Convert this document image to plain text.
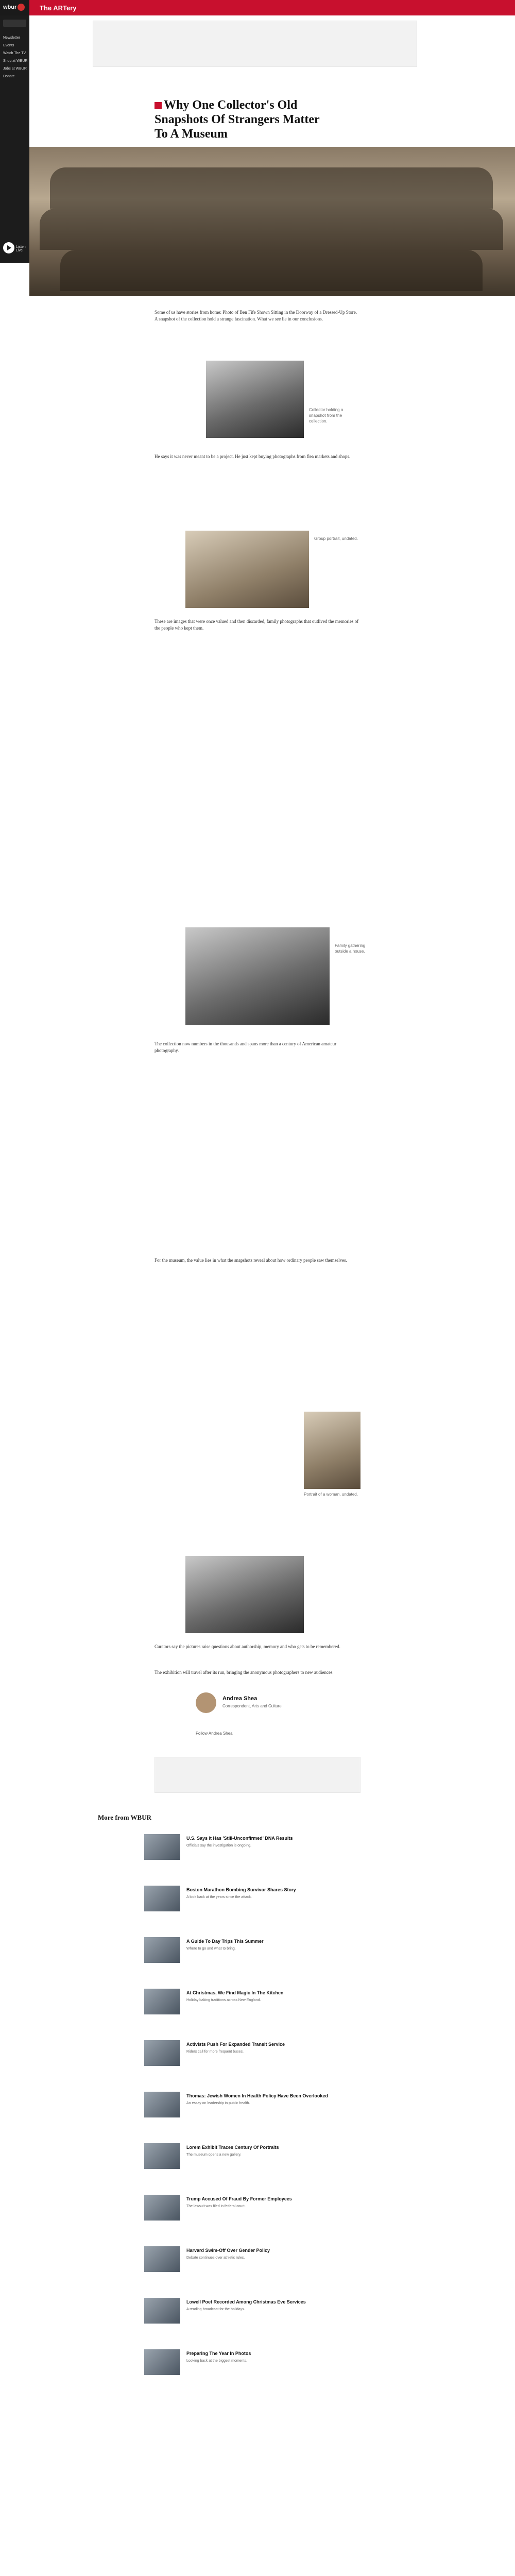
wbur	The ARTery
Newsletter
Events
Watch The TV
Shop at WBUR
Jobs at WBUR
Donate
Listen Live
Why One Collector's Old Snapshots Of Strangers Matter To A Museum

Some of us have stories from home: Photo of Ben Fife Shown Sitting in the Doorway of a Dressed-Up Store. A snapshot of the collection hold a strange fascination. What we see lie in our conclusions.

Collector holding a snapshot from the collection.

He says it was never meant to be a project. He just kept buying photographs from flea markets and shops.

Group portrait, undated.

These are images that were once valued and then discarded, family photographs that outlived the memories of the people who kept them.

Family gathering outside a house.

The collection now numbers in the thousands and spans more than a century of American amateur photography.

Portrait of a woman, undated.

For the museum, the value lies in what the snapshots reveal about how ordinary people saw themselves.

Curators say the pictures raise questions about authorship, memory and who gets to be remembered.

The exhibition will travel after its run, bringing the anonymous photographers to new audiences.

Andrea Shea
Correspondent, Arts and Culture
Follow Andrea Shea
More from WBUR
U.S. Says It Has 'Still-Unconfirmed' DNA Results
Officials say the investigation is ongoing.
Boston Marathon Bombing Survivor Shares Story
A look back at the years since the attack.
A Guide To Day Trips This Summer
Where to go and what to bring.
At Christmas, We Find Magic In The Kitchen
Holiday baking traditions across New England.
Activists Push For Expanded Transit Service
Riders call for more frequent buses.
Thomas: Jewish Women In Health Policy Have Been Overlooked
An essay on leadership in public health.
Lorem Exhibit Traces Century Of Portraits
The museum opens a new gallery.
Trump Accused Of Fraud By Former Employees
The lawsuit was filed in federal court.
Harvard Swim-Off Over Gender Policy
Debate continues over athletic rules.
Lowell Poet Recorded Among Christmas Eve Services
A reading broadcast for the holidays.
Preparing The Year In Photos
Looking back at the biggest moments.
